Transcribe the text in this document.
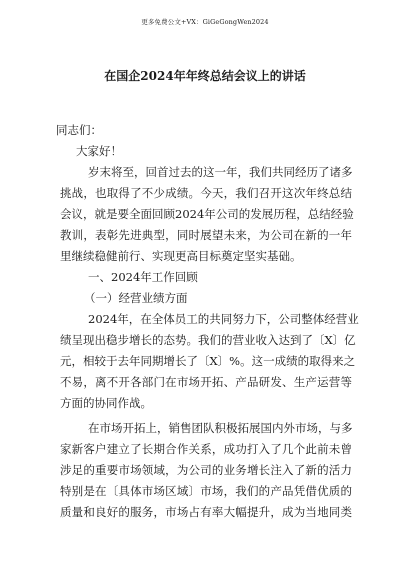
更多免费公文+VX：GiGeGongWen2024
在国企2024年年终总结会议上的讲话
同志们：
大家好！
岁末将至，回首过去的这一年，我们共同经历了诸多
挑战，也取得了不少成绩。今天，我们召开这次年终总结
会议，就是要全面回顾2024年公司的发展历程，总结经验
教训，表彰先进典型，同时展望未来，为公司在新的一年
里继续稳健前行、实现更高目标奠定坚实基础。
一、2024年工作回顾
（一）经营业绩方面
2024年，在全体员工的共同努力下，公司整体经营业
绩呈现出稳步增长的态势。我们的营业收入达到了〔X〕亿
元，相较于去年同期增长了〔X〕%。这一成绩的取得来之
不易，离不开各部门在市场开拓、产品研发、生产运营等
方面的协同作战。
在市场开拓上，销售团队积极拓展国内外市场，与多
家新客户建立了长期合作关系，成功打入了几个此前未曾
涉足的重要市场领域，为公司的业务增长注入了新的活力
特别是在〔具体市场区域〕市场，我们的产品凭借优质的
质量和良好的服务，市场占有率大幅提升，成为当地同类
